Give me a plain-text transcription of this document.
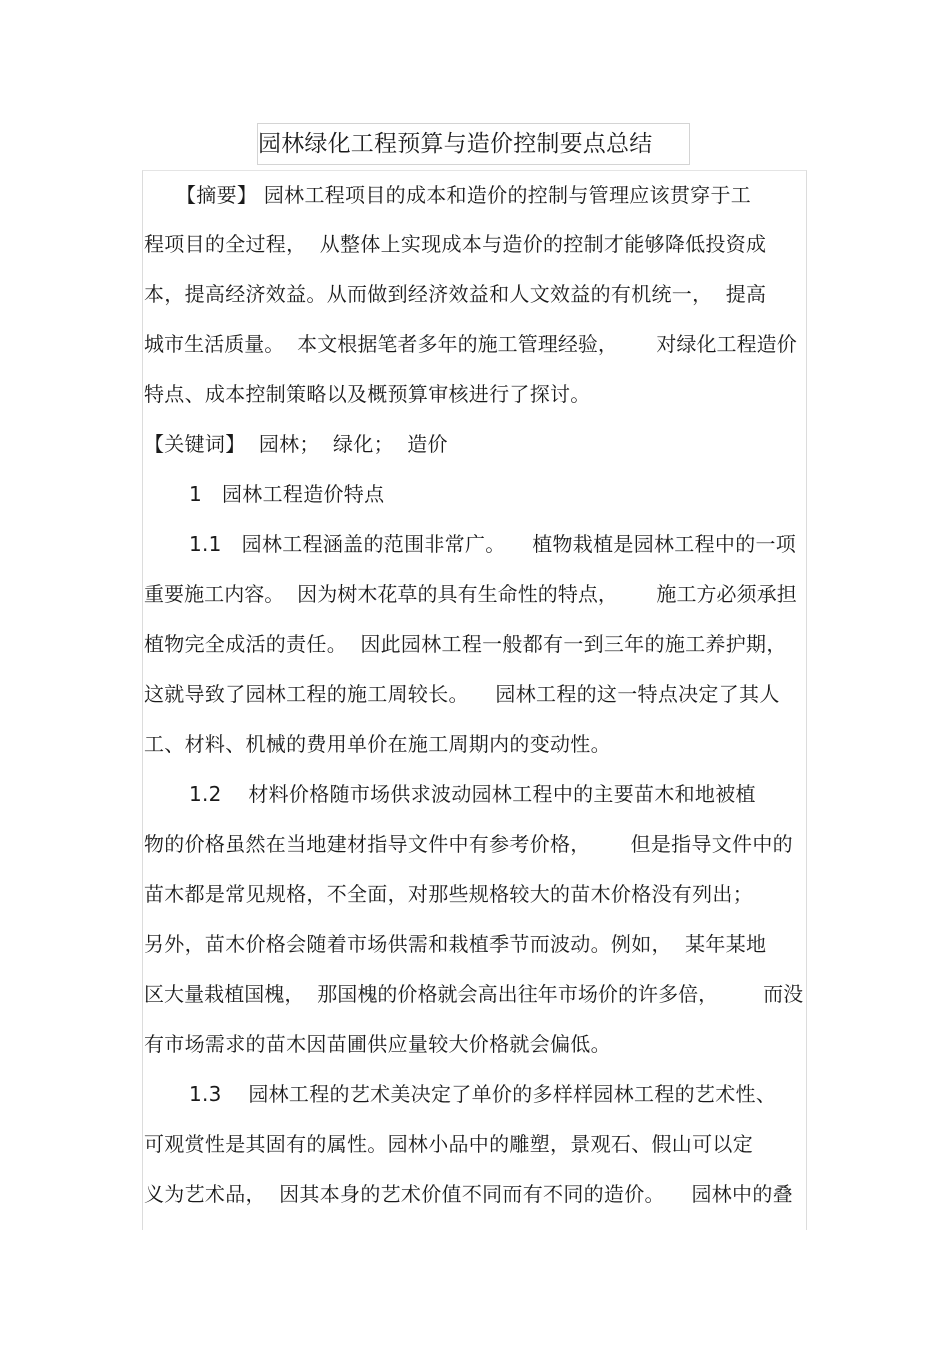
园林绿化工程预算与造价控制要点总结
【摘要】 园林工程项目的成本和造价的控制与管理应该贯穿于工
程项目的全过程，  从整体上实现成本与造价的控制才能够降低投资成
本，提高经济效益。从而做到经济效益和人文效益的有机统一，  提高
城市生活质量。  本文根据笔者多年的施工管理经验，      对绿化工程造价
特点、成本控制策略以及概预算审核进行了探讨。
【关键词】  园林；  绿化；  造价
1   园林工程造价特点
1.1   园林工程涵盖的范围非常广。    植物栽植是园林工程中的一项
重要施工内容。  因为树木花草的具有生命性的特点，      施工方必须承担
植物完全成活的责任。  因此园林工程一般都有一到三年的施工养护期，
这就导致了园林工程的施工周较长。    园林工程的这一特点决定了其人
工、材料、机械的费用单价在施工周期内的变动性。
1.2    材料价格随市场供求波动园林工程中的主要苗木和地被植
物的价格虽然在当地建材指导文件中有参考价格，      但是指导文件中的
苗木都是常见规格，不全面，对那些规格较大的苗木价格没有列出；
另外，苗木价格会随着市场供需和栽植季节而波动。例如，  某年某地
区大量栽植国槐，  那国槐的价格就会高出往年市场价的许多倍，       而没
有市场需求的苗木因苗圃供应量较大价格就会偏低。
1.3    园林工程的艺术美决定了单价的多样样园林工程的艺术性、
可观赏性是其固有的属性。园林小品中的雕塑，景观石、假山可以定
义为艺术品，  因其本身的艺术价值不同而有不同的造价。    园林中的叠
